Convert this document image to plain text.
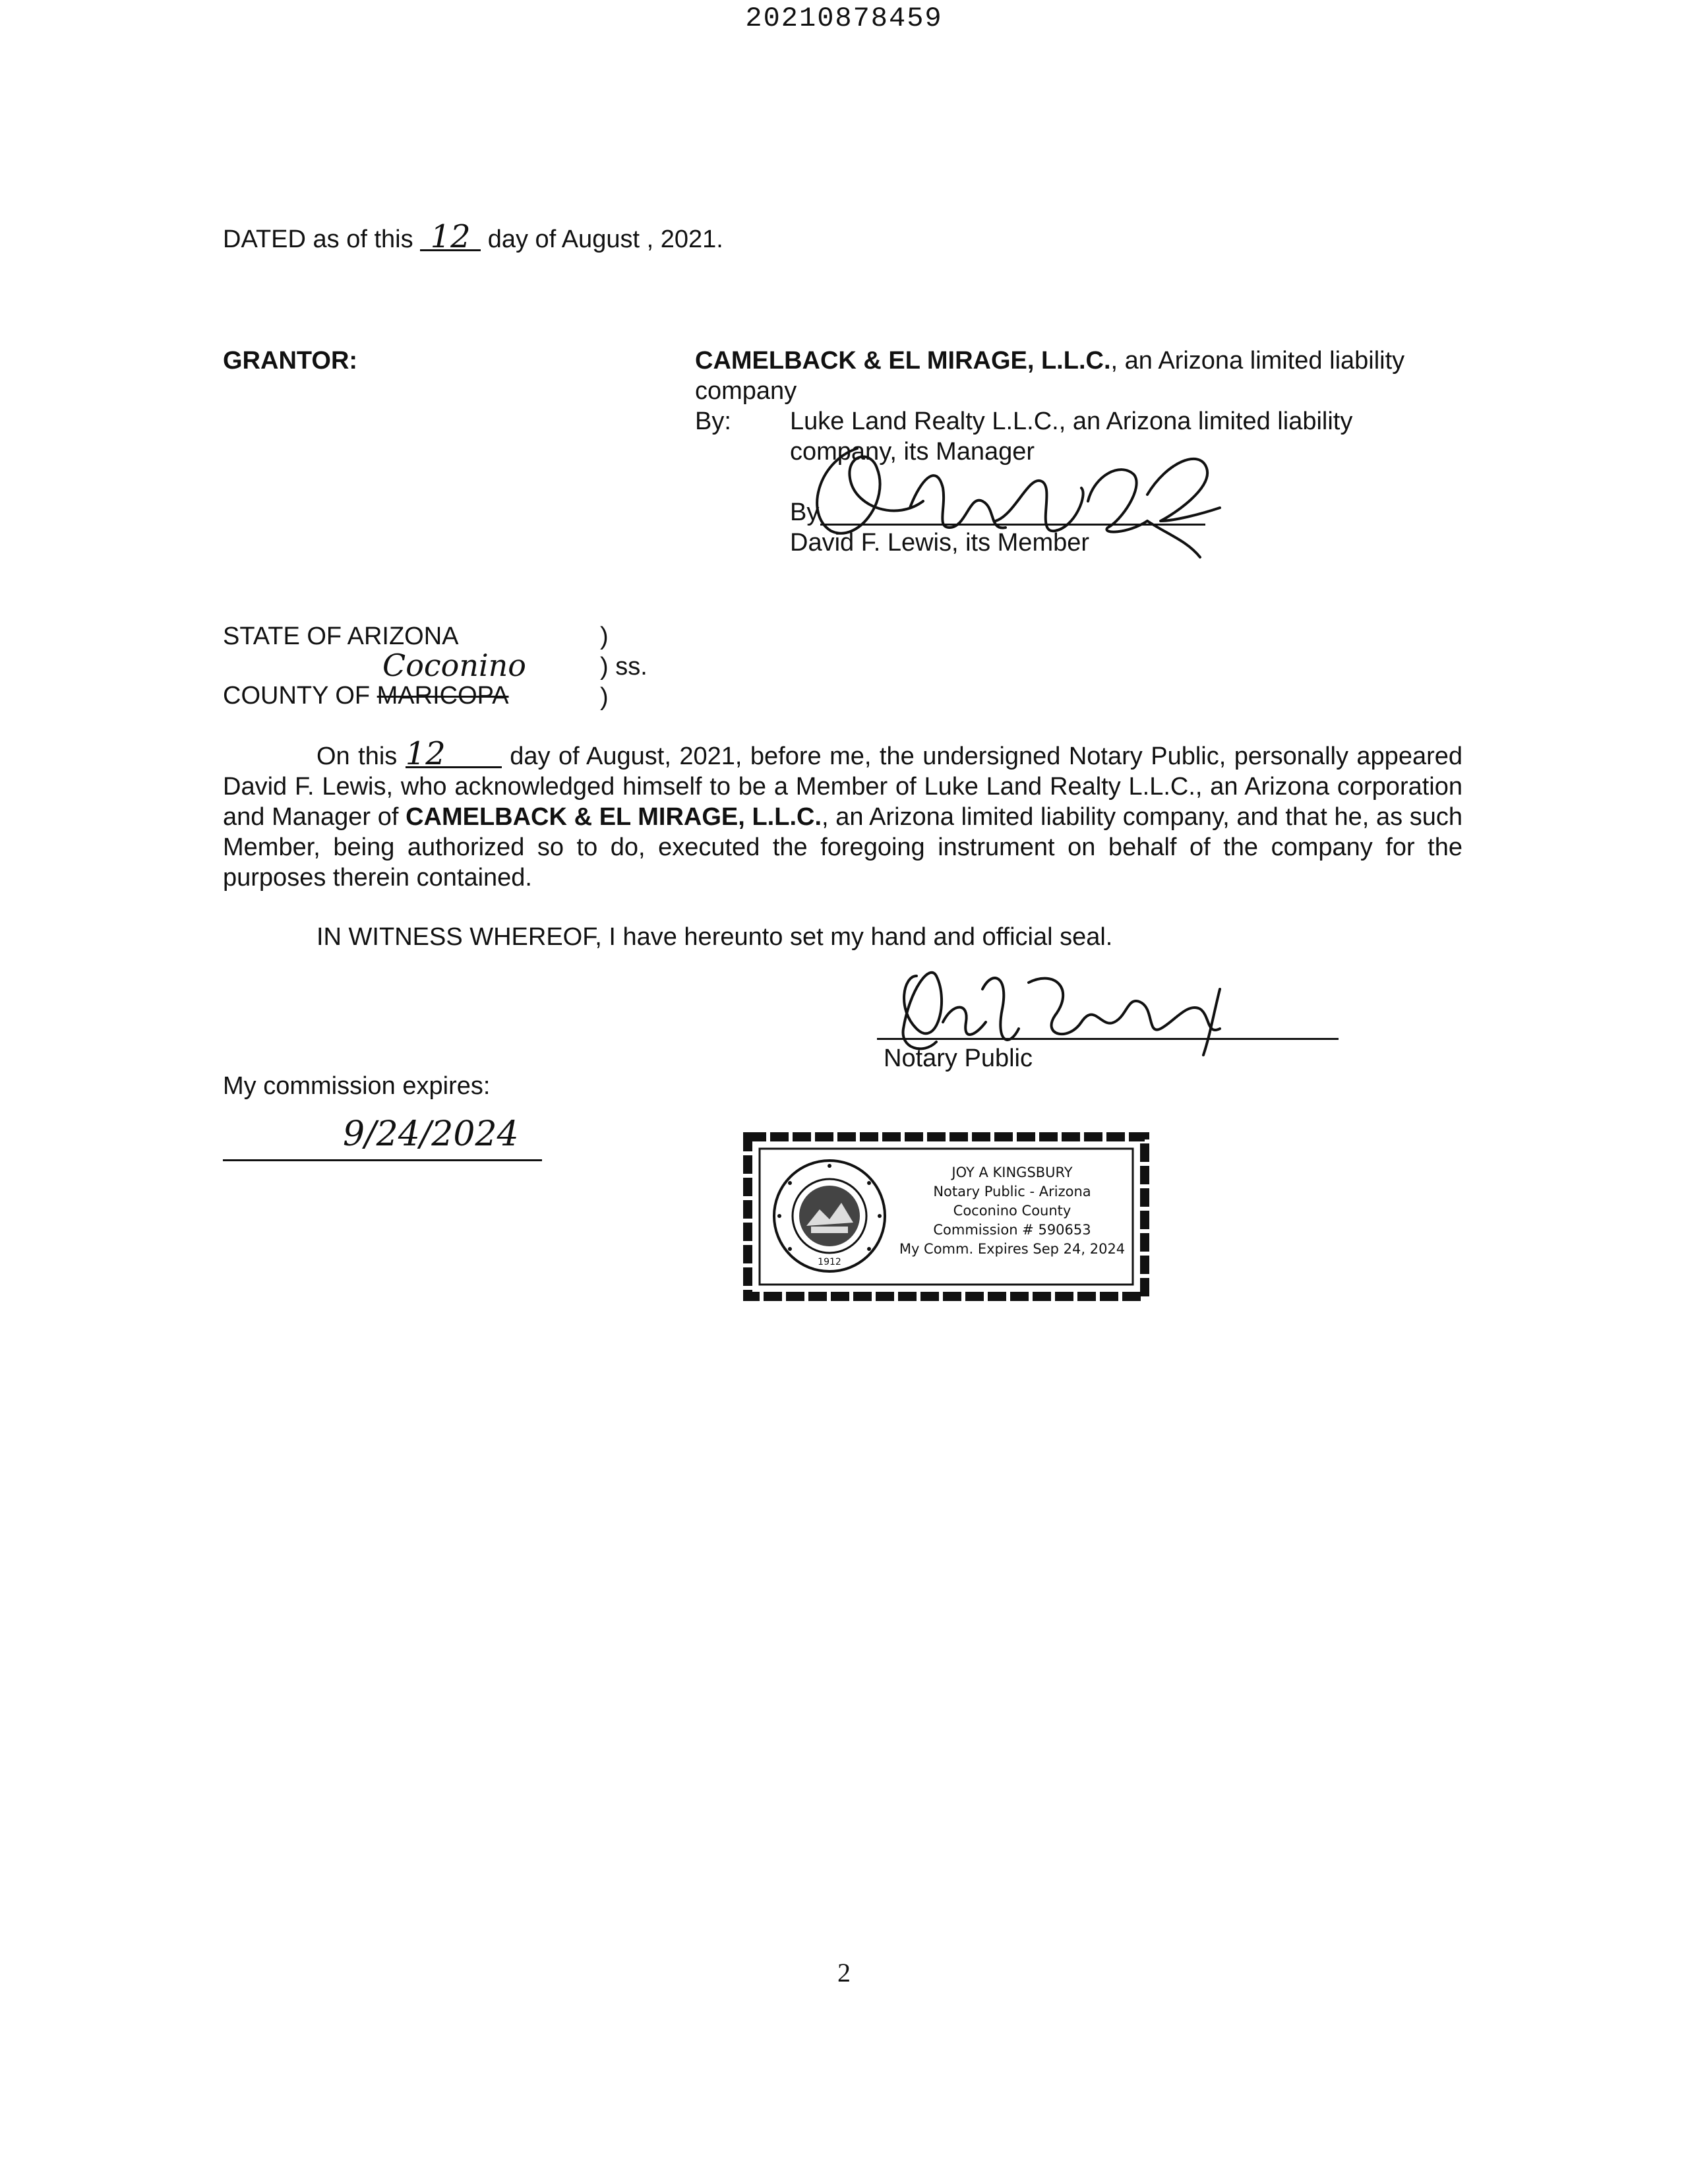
20210878459
DATED as of this 12 day of August , 2021.
GRANTOR:	CAMELBACK & EL MIRAGE, L.L.C., an Arizona limited liability
company
By: Luke Land Realty L.L.C., an Arizona limited liability
company, its Manager
By
David F. Lewis, its Member
STATE OF ARIZONA
Coconino
COUNTY OF MARICOPA
)
) ss.
)
On this 12	day of August, 2021, before me, the undersigned Notary Public, personally appeared David F. Lewis, who acknowledged himself to be a Member of Luke Land Realty L.L.C., an Arizona corporation and Manager of CAMELBACK & EL MIRAGE, L.L.C., an Arizona limited liability company, and that he, as such Member, being authorized so to do, executed the foregoing instrument on behalf of the company for the purposes therein contained.
IN WITNESS WHEREOF, I have hereunto set my hand and official seal.
Notary Public
My commission expires:
9/24/2024
1912
JOY A KINGSBURY
Notary Public - Arizona
Coconino County
Commission # 590653
My Comm. Expires Sep 24, 2024
2
